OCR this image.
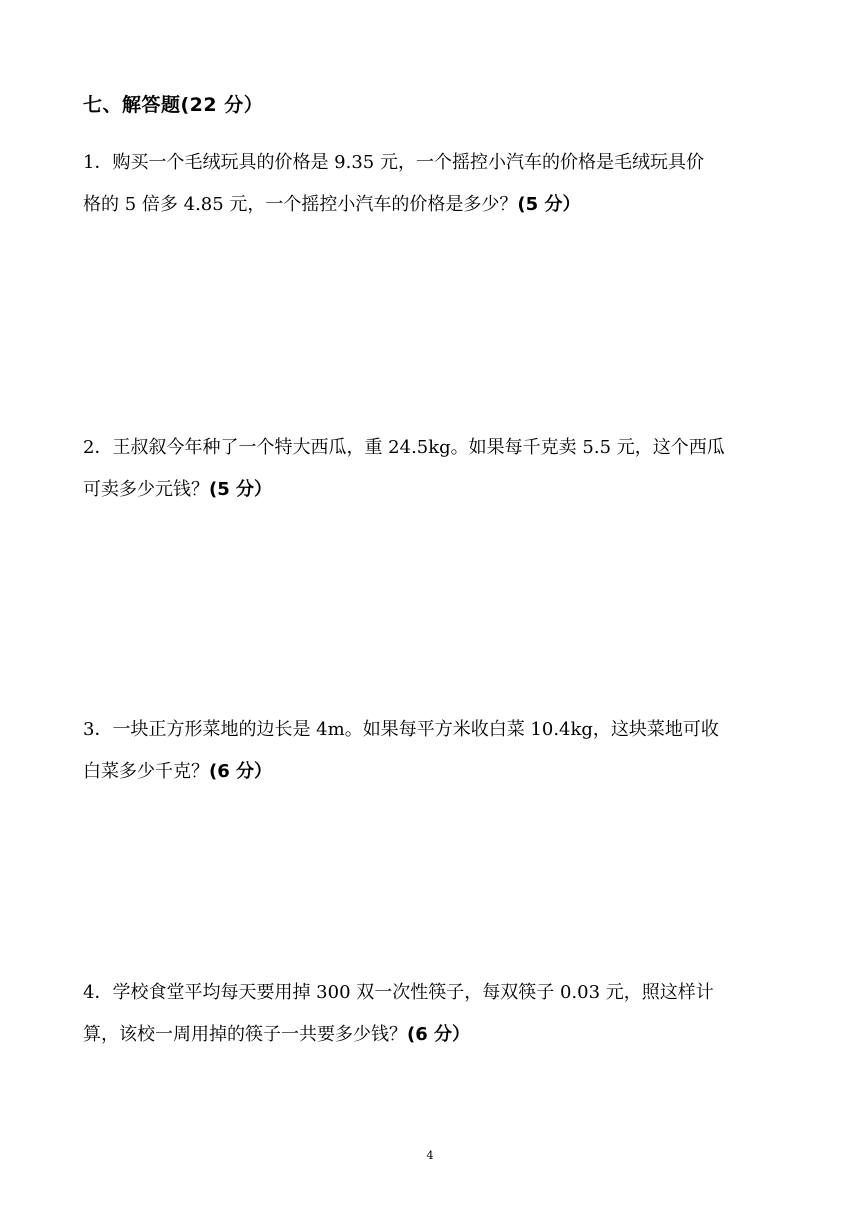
七、解答题(22 分）
1．购买一个毛绒玩具的价格是 9.35 元，一个摇控小汽车的价格是毛绒玩具价
格的 5 倍多 4.85 元，一个摇控小汽车的价格是多少？(5 分）
2．王叔叙今年种了一个特大西瓜，重 24.5kg。如果每千克卖 5.5 元，这个西瓜
可卖多少元钱？(5 分）
3．一块正方形菜地的边长是 4m。如果每平方米收白菜 10.4kg，这块菜地可收
白菜多少千克？(6 分）
4．学校食堂平均每天要用掉 300 双一次性筷子，每双筷子 0.03 元，照这样计
算，该校一周用掉的筷子一共要多少钱？(6 分）
4
